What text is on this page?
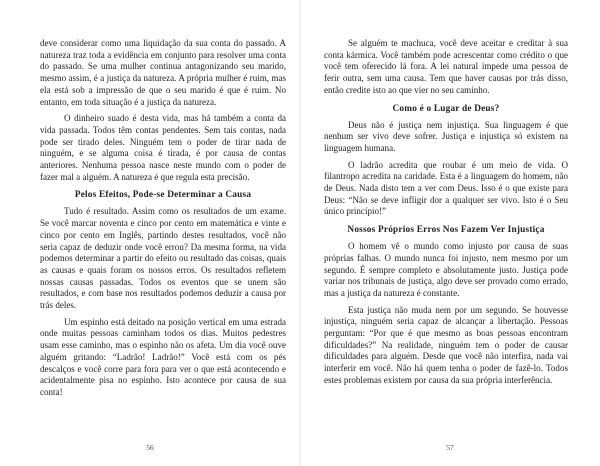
deve considerar como uma liquidação da sua conta do passado. A natureza traz toda a evidência em conjunto para resolver uma conta do passado. Se uma mulher continua antagonizando seu marido, mesmo assim, é a justiça da natureza. A própria mulher é ruim, mas ela está sob a impressão de que o seu marido é que é ruim. No entanto, em toda situação é a justiça da natureza.

O dinheiro suado é desta vida, mas há também a conta da vida passada. Todos têm contas pendentes. Sem tais contas, nada pode ser tirado deles. Ninguém tem o poder de tirar nada de ninguém, e se alguma coisa é tirada, é por causa de contas anteriores. Nenhuma pessoa nasce neste mundo com o poder de fazer mal a alguém. A natureza é que regula esta precisão.

Pelos Efeitos, Pode-se Determinar a Causa

Tudo é resultado. Assim como os resultados de um exame. Se você marcar noventa e cinco por cento em matemática e vinte e cinco por cento em Inglês, partindo destes resultados, você não seria capaz de deduzir onde você errou? Da mesma forma, na vida podemos determinar a partir do efeito ou resultado das coisas, quais as causas e quais foram os nossos erros. Os resultados refletem nossas causas passadas. Todos os eventos que se unem são resultados, e com base nos resultados podemos deduzir a causa por trás deles.

Um espinho está deitado na posição vertical em uma estrada onde muitas pessoas caminham todos os dias. Muitos pedestres usam esse caminho, mas o espinho não os afeta. Um dia você ouve alguém gritando: “Ladrão! Ladrão!” Você está com os pés descalços e você corre para fora para ver o que está acontecendo e acidentalmente pisa no espinho. Isto acontece por causa de sua conta!

56

Se alguém te machuca, você deve aceitar e creditar à sua conta kármica. Você também pode acrescentar como crédito o que você tem oferecido lá fora. A lei natural impede uma pessoa de ferir outra, sem uma causa. Tem que haver causas por trás disso, então credite isto ao que vier no seu caminho.

Como é o Lugar de Deus?

Deus não é justiça nem injustiça. Sua linguagem é que nenhum ser vivo deve sofrer. Justiça e injustiça só existem na linguagem humana.

O ladrão acredita que roubar é um meio de vida. O filantropo acredita na caridade. Esta é a linguagem do homem, não de Deus. Nada disto tem a ver com Deus. Isso é o que existe para Deus: “Não se deve infligir dor a qualquer ser vivo. Isto é o Seu único princípio!”

Nossos Próprios Erros Nos Fazem Ver Injustiça

O homem vê o mundo como injusto por causa de suas próprias falhas. O mundo nunca foi injusto, nem mesmo por um segundo. É sempre completo e absolutamente justo. Justiça pode variar nos tribunais de justiça, algo deve ser provado como errado, mas a justiça da natureza é constante.

Esta justiça não muda nem por um segundo. Se houvesse injustiça, ninguém seria capaz de alcançar a libertação. Pessoas perguntam: “Por que é que mesmo as boas pessoas encontram dificuldades?” Na realidade, ninguém tem o poder de causar dificuldades para alguém. Desde que você não interfira, nada vai interferir em você. Não há quem tenha o poder de fazê-lo. Todos estes problemas existem por causa da sua própria interferência.

57
